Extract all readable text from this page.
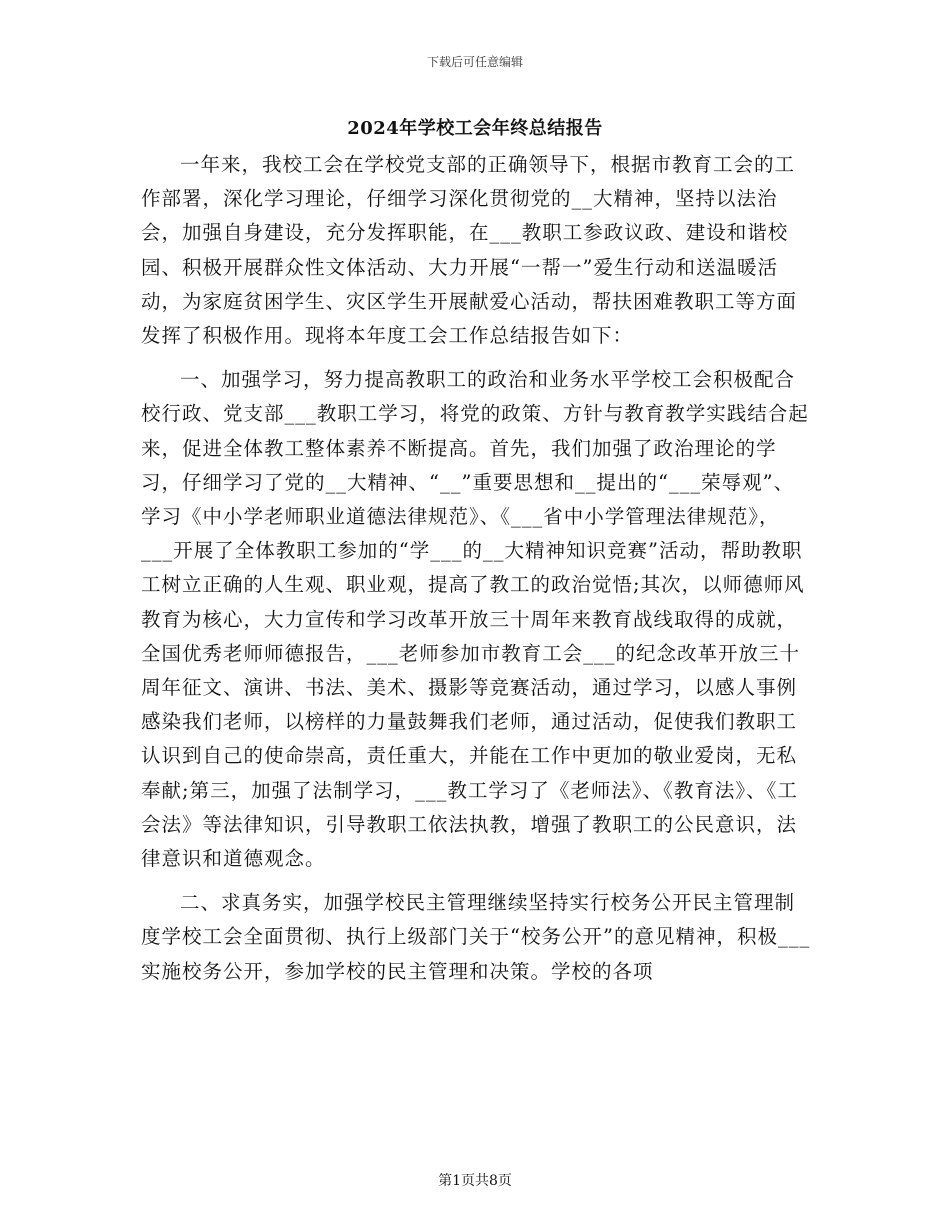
下载后可任意编辑
2024年学校工会年终总结报告

一年来，我校工会在学校党支部的正确领导下，根据市教育工会的工作部署，深化学习理论，仔细学习深化贯彻党的__大精神，坚持以法治会，加强自身建设，充分发挥职能，在___教职工参政议政、建设和谐校园、积极开展群众性文体活动、大力开展“一帮一”爱生行动和送温暖活动，为家庭贫困学生、灾区学生开展献爱心活动，帮扶困难教职工等方面发挥了积极作用。现将本年度工会工作总结报告如下：

一、加强学习，努力提高教职工的政治和业务水平学校工会积极配合校行政、党支部___教职工学习，将党的政策、方针与教育教学实践结合起来，促进全体教工整体素养不断提高。首先，我们加强了政治理论的学习，仔细学习了党的__大精神、“__”重要思想和__提出的“___荣辱观”、学习《中小学老师职业道德法律规范》、《___省中小学管理法律规范》，___开展了全体教职工参加的“学___的__大精神知识竞赛”活动，帮助教职工树立正确的人生观、职业观，提高了教工的政治觉悟;其次，以师德师风教育为核心，大力宣传和学习改革开放三十周年来教育战线取得的成就，全国优秀老师师德报告，___老师参加市教育工会___的纪念改革开放三十周年征文、演讲、书法、美术、摄影等竞赛活动，通过学习，以感人事例感染我们老师，以榜样的力量鼓舞我们老师，通过活动，促使我们教职工认识到自己的使命崇高，责任重大，并能在工作中更加的敬业爱岗，无私奉献;第三，加强了法制学习，___教工学习了《老师法》、《教育法》、《工会法》等法律知识，引导教职工依法执教，增强了教职工的公民意识，法律意识和道德观念。

二、求真务实，加强学校民主管理继续坚持实行校务公开民主管理制度学校工会全面贯彻、执行上级部门关于“校务公开”的意见精神，积极___实施校务公开，参加学校的民主管理和决策。学校的各项

第1页共8页
